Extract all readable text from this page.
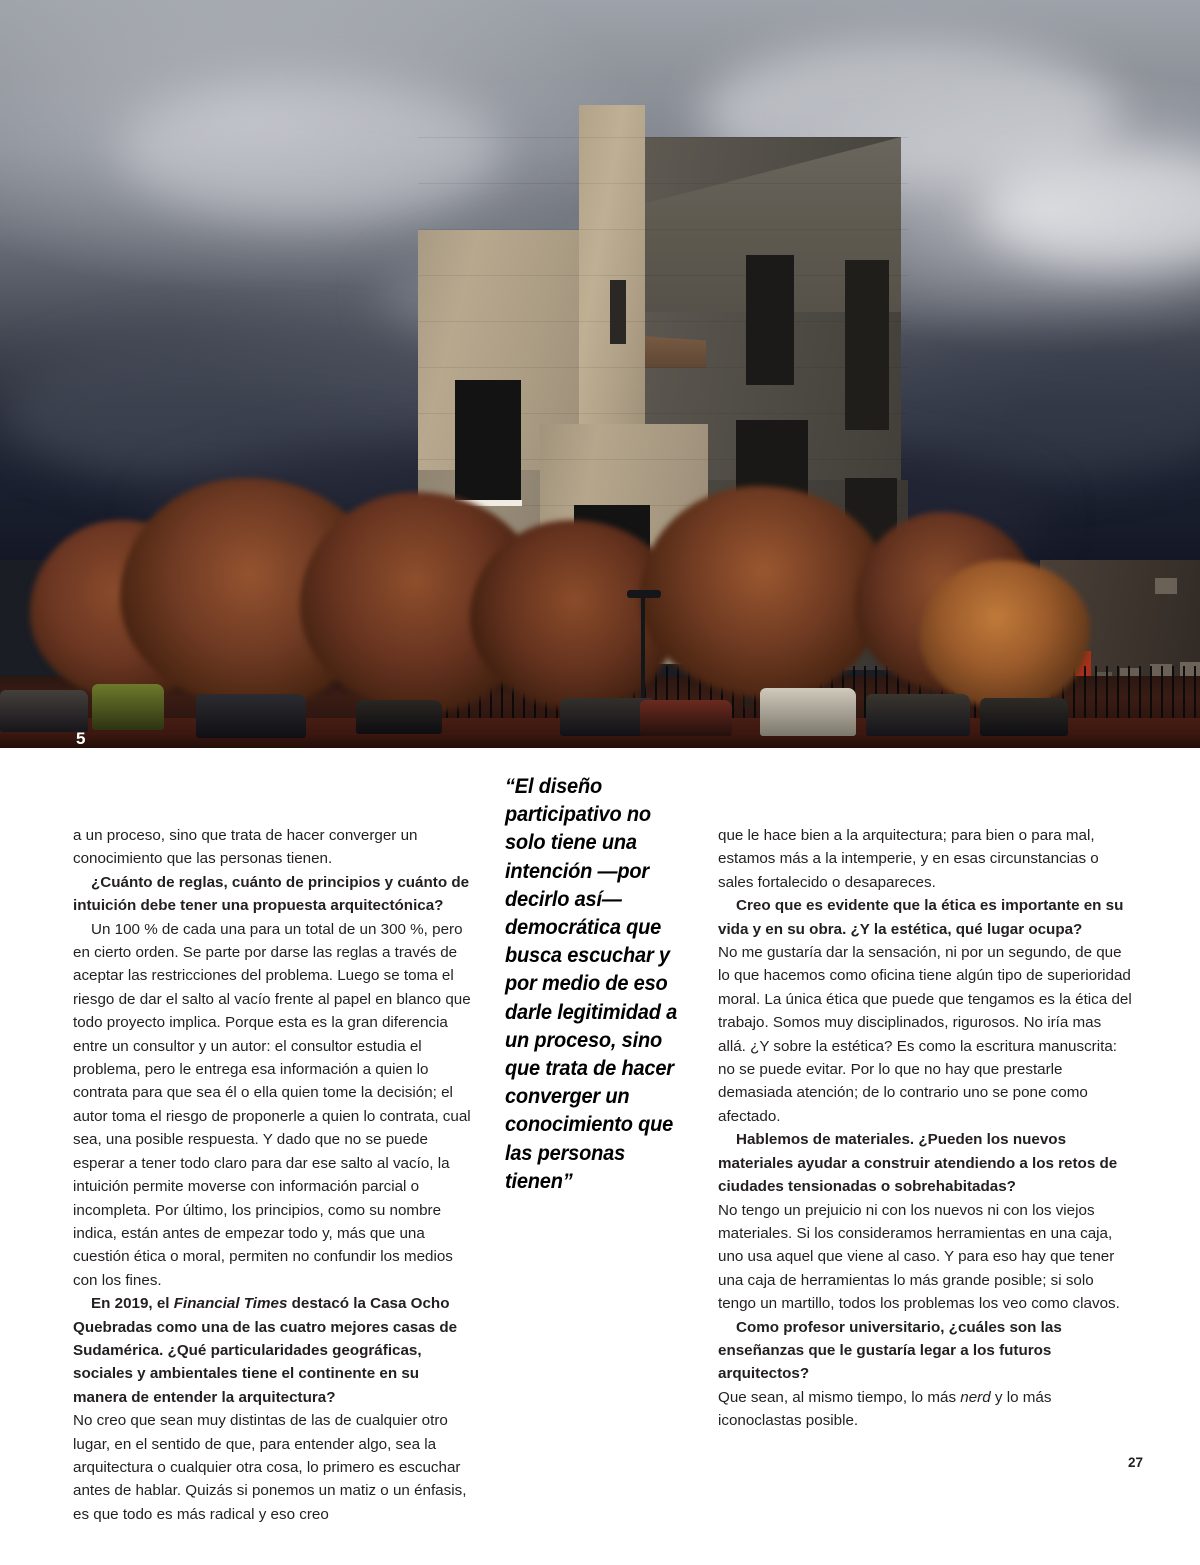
5

a un proceso, sino que trata de hacer converger un conocimiento que las personas tienen.

¿Cuánto de reglas, cuánto de principios y cuánto de intuición debe tener una propuesta arquitectónica?

Un 100 % de cada una para un total de un 300 %, pero en cierto orden. Se parte por darse las reglas a través de aceptar las restricciones del problema. Luego se toma el riesgo de dar el salto al vacío frente al papel en blanco que todo proyecto implica. Porque esta es la gran diferencia entre un consultor y un autor: el consultor estudia el problema, pero le entrega esa información a quien lo contrata para que sea él o ella quien tome la decisión; el autor toma el riesgo de proponerle a quien lo contrata, cual sea, una posible respuesta. Y dado que no se puede esperar a tener todo claro para dar ese salto al vacío, la intuición permite moverse con información parcial o incompleta. Por último, los principios, como su nombre indica, están antes de empezar todo y, más que una cuestión ética o moral, permiten no confundir los medios con los fines.

En 2019, el Financial Times destacó la Casa Ocho Quebradas como una de las cuatro mejores casas de Sudamérica. ¿Qué particularidades geográficas, sociales y ambientales tiene el continente en su manera de entender la arquitectura?

No creo que sean muy distintas de las de cualquier otro lugar, en el sentido de que, para entender algo, sea la arquitectura o cualquier otra cosa, lo primero es escuchar antes de hablar. Quizás si ponemos un matiz o un énfasis, es que todo es más radical y eso creo

“El diseño participativo no solo tiene una intención —por decirlo así— democrática que busca escuchar y por medio de eso darle legitimidad a un proceso, sino que trata de hacer converger un conocimiento que las personas tienen”

que le hace bien a la arquitectura; para bien o para mal, estamos más a la intemperie, y en esas circunstancias o sales fortalecido o desapareces.

Creo que es evidente que la ética es importante en su vida y en su obra. ¿Y la estética, qué lugar ocupa?

No me gustaría dar la sensación, ni por un segundo, de que lo que hacemos como oficina tiene algún tipo de superioridad moral. La única ética que puede que tengamos es la ética del trabajo. Somos muy disciplinados, rigurosos. No iría mas allá. ¿Y sobre la estética? Es como la escritura manuscrita: no se puede evitar. Por lo que no hay que prestarle demasiada atención; de lo contrario uno se pone como afectado.

Hablemos de materiales. ¿Pueden los nuevos materiales ayudar a construir atendiendo a los retos de ciudades tensionadas o sobrehabitadas?

No tengo un prejuicio ni con los nuevos ni con los viejos materiales. Si los consideramos herramientas en una caja, uno usa aquel que viene al caso. Y para eso hay que tener una caja de herramientas lo más grande posible; si solo tengo un martillo, todos los problemas los veo como clavos.

Como profesor universitario, ¿cuáles son las enseñanzas que le gustaría legar a los futuros arquitectos?

Que sean, al mismo tiempo, lo más nerd y lo más iconoclastas posible.

27
